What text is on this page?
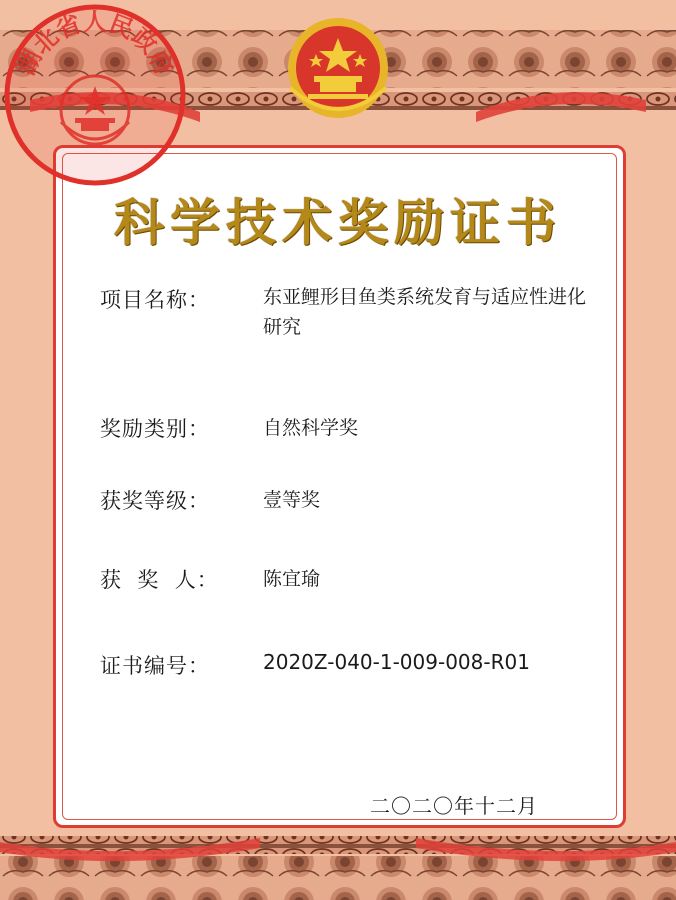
科学技术奖励证书
项目名称：	东亚鲤形目鱼类系统发育与适应性进化研究
奖励类别：	自然科学奖
获奖等级：	壹等奖
获  奖  人： 陈宜瑜
证书编号：	2020Z-040-1-009-008-R01
湖北省人民政府
二〇二〇年十二月
